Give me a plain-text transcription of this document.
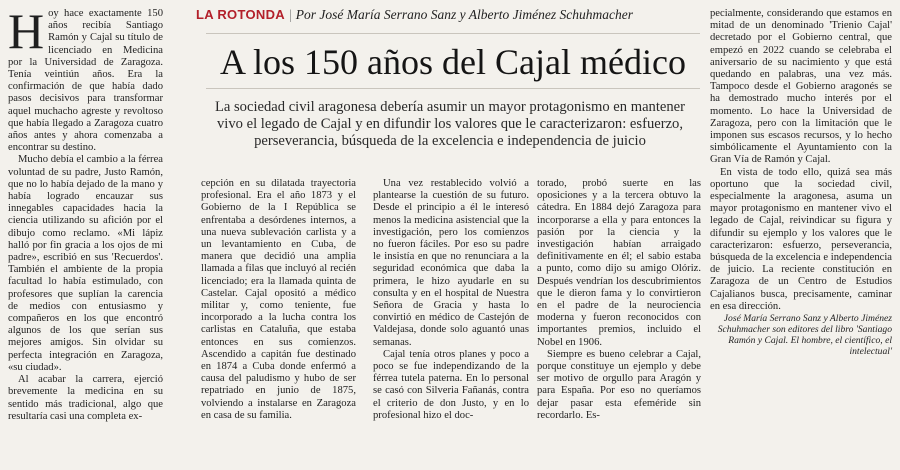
Hoy hace exactamente 150 años recibía Santiago Ramón y Cajal su título de licenciado en Medicina por la Universidad de Zaragoza. Tenía veintiún años. Era la confirmación de que había dado pasos decisivos para transformar aquel muchacho agreste y revoltoso que había llegado a Zaragoza cuatro años antes y ahora comenzaba a encontrar su destino.

Mucho debía el cambio a la férrea voluntad de su padre, Justo Ramón, que no lo había dejado de la mano y había logrado encauzar sus innegables capacidades hacia la ciencia utilizando su afición por el dibujo como reclamo. «Mi lápiz halló por fin gracia a los ojos de mi padre», escribió en sus 'Recuerdos'. También el ambiente de la propia facultad lo había estimulado, con profesores que suplían la carencia de medios con entusiasmo y compañeros en los que encontró algunos de los que serían sus mejores amigos. Sin olvidar su perfecta integración en Zaragoza, «su ciudad».

Al acabar la carrera, ejerció brevemente la medicina en su sentido más tradicional, algo que resultaría casi una completa ex-

LA ROTONDA | Por José María Serrano Sanz y Alberto Jiménez Schuhmacher
A los 150 años del Cajal médico
La sociedad civil aragonesa debería asumir un mayor protagonismo en mantener vivo el legado de Cajal y en difundir los valores que le caracterizaron: esfuerzo, perseverancia, búsqueda de la excelencia e independencia de juicio

cepción en su dilatada trayectoria profesional. Era el año 1873 y el Gobierno de la I República se enfrentaba a desórdenes internos, a una nueva sublevación carlista y a un levantamiento en Cuba, de manera que decidió una amplia llamada a filas que incluyó al recién licenciado; era la llamada quinta de Castelar. Cajal opositó a médico militar y, como teniente, fue incorporado a la lucha contra los carlistas en Cataluña, que estaba entonces en sus comienzos. Ascendido a capitán fue destinado en 1874 a Cuba donde enfermó a causa del paludismo y hubo de ser repatriado en junio de 1875, volviendo a instalarse en Zaragoza en casa de su familia.

Una vez restablecido volvió a plantearse la cuestión de su futuro. Desde el principio a él le interesó menos la medicina asistencial que la investigación, pero los comienzos no fueron fáciles. Por eso su padre le insistía en que no renunciara a la seguridad económica que daba la primera, le hizo ayudarle en su consulta y en el hospital de Nuestra Señora de Gracia y hasta lo convirtió en médico de Castejón de Valdejasa, donde solo aguantó unas semanas.

Cajal tenía otros planes y poco a poco se fue independizando de la férrea tutela paterna. En lo personal se casó con Silveria Fañanás, contra el criterio de don Justo, y en lo profesional hizo el doc-

torado, probó suerte en las oposiciones y a la tercera obtuvo la cátedra. En 1884 dejó Zaragoza para incorporarse a ella y para entonces la pasión por la ciencia y la investigación habían arraigado definitivamente en él; el sabio estaba a punto, como dijo su amigo Olóriz. Después vendrían los descubrimientos que le dieron fama y lo convirtieron en el padre de la neurociencia moderna y fueron reconocidos con importantes premios, incluido el Nobel en 1906.

Siempre es bueno celebrar a Cajal, porque constituye un ejemplo y debe ser motivo de orgullo para Aragón y para España. Por eso no queríamos dejar pasar esta efeméride sin recordarlo. Es-

pecialmente, considerando que estamos en mitad de un denominado 'Trienio Cajal' decretado por el Gobierno central, que empezó en 2022 cuando se celebraba el aniversario de su nacimiento y que está quedando en palabras, una vez más. Tampoco desde el Gobierno aragonés se ha demostrado mucho interés por el momento. Lo hace la Universidad de Zaragoza, pero con la limitación que le imponen sus escasos recursos, y lo hecho simbólicamente el Ayuntamiento con la Gran Vía de Ramón y Cajal.

En vista de todo ello, quizá sea más oportuno que la sociedad civil, especialmente la aragonesa, asuma un mayor protagonismo en mantener vivo el legado de Cajal, reivindicar su figura y difundir su ejemplo y los valores que le caracterizaron: esfuerzo, perseverancia, búsqueda de la excelencia e independencia de juicio. La reciente constitución en Zaragoza de un Centro de Estudios Cajalianos busca, precisamente, caminar en esa dirección.

José María Serrano Sanz y Alberto Jiménez Schuhmacher son editores del libro 'Santiago Ramón y Cajal. El hombre, el científico, el intelectual'
